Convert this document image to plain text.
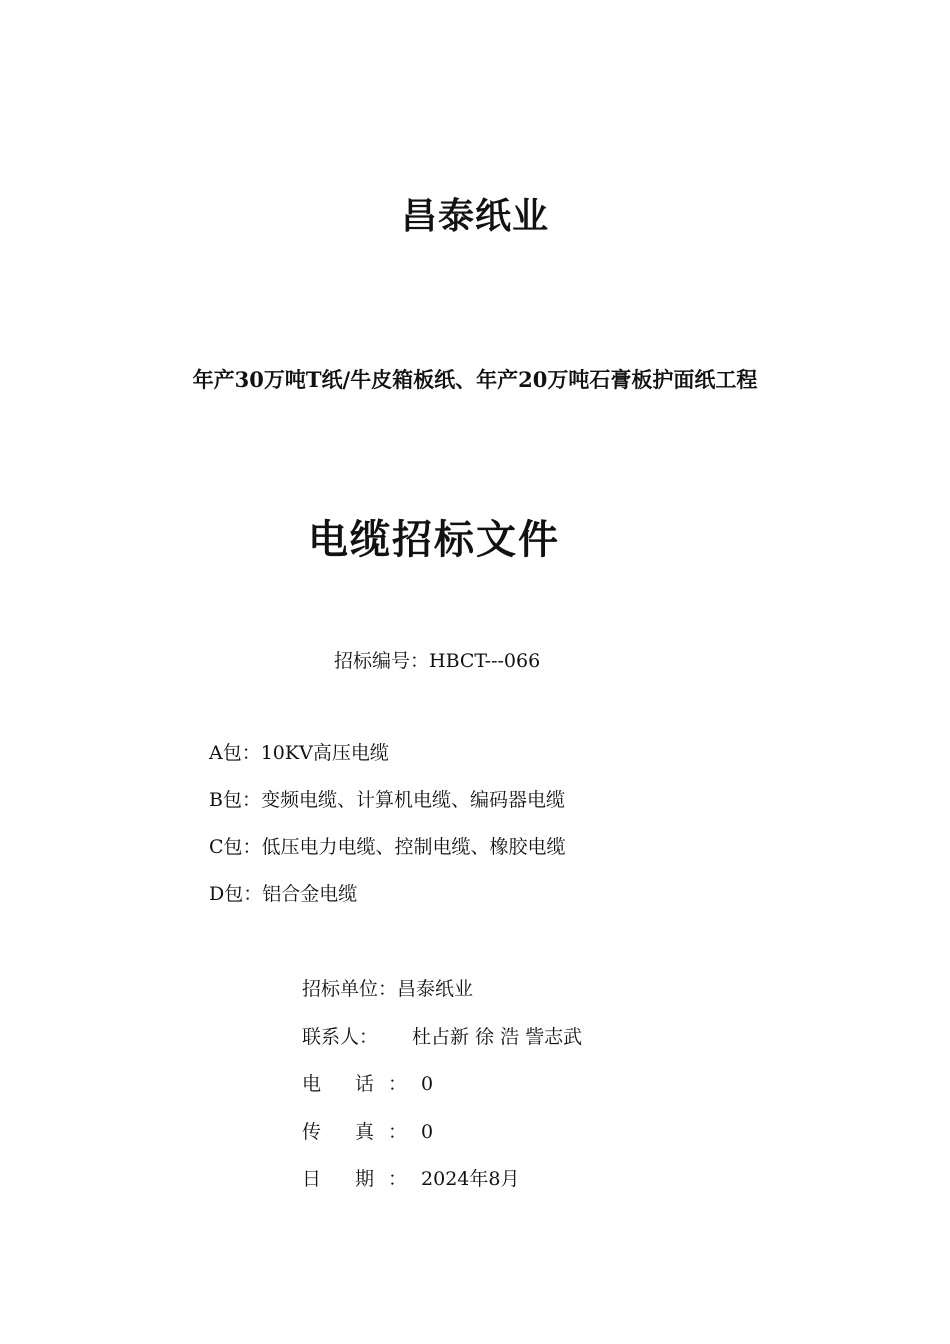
昌泰纸业
年产30万吨T纸/牛皮箱板纸、年产20万吨石膏板护面纸工程
电缆招标文件
招标编号：HBCT---066
A包：10KV高压电缆
B包：变频电缆、计算机电缆、编码器电缆
C包：低压电力电缆、控制电缆、橡胶电缆
D包：铝合金电缆
招标单位：昌泰纸业
联系人：	杜占新 徐 浩 訾志武
电 话： 0
传 真： 0
日 期： 2024年8月
